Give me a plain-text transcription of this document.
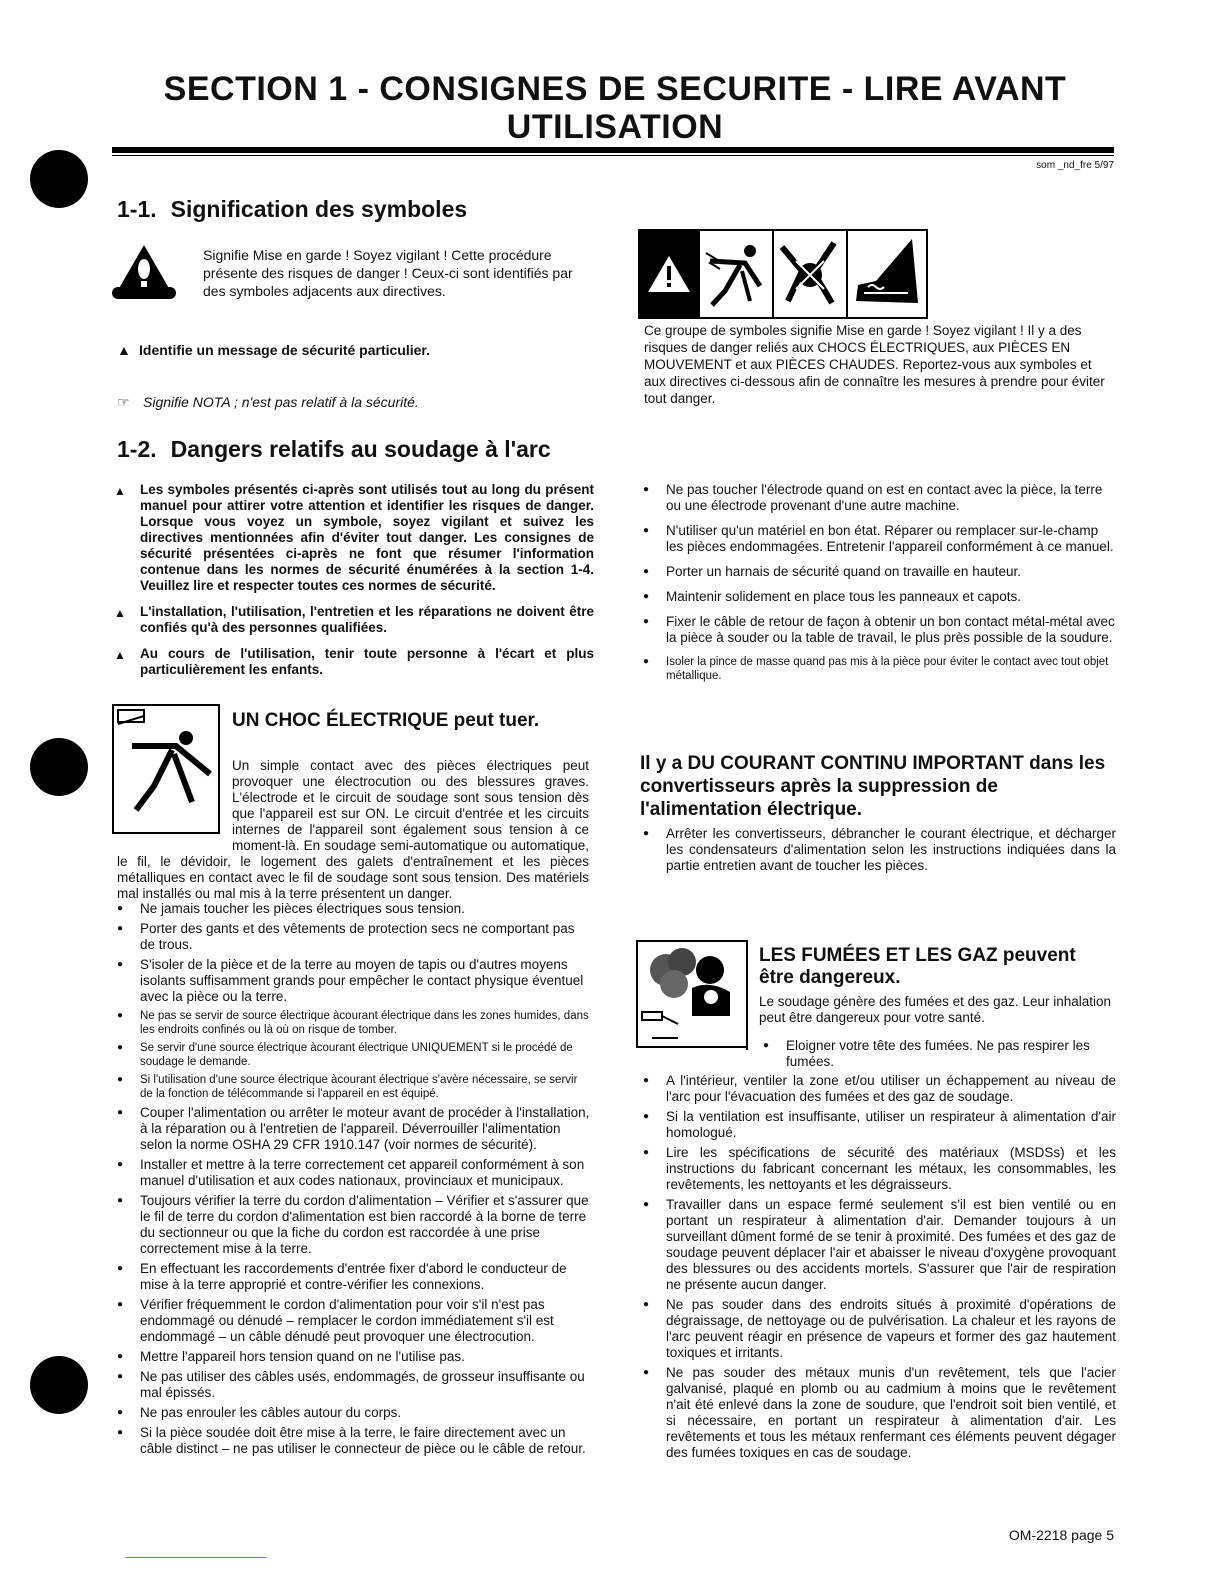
SECTION 1 - CONSIGNES DE SECURITE - LIRE AVANT
UTILISATION
som _nd_fre 5/97
1-1. Signification des symboles
Signifie Mise en garde ! Soyez vigilant ! Cette procédure présente des risques de danger ! Ceux-ci sont identifiés par des symboles adjacents aux directives.
▲ Identifie un message de sécurité particulier.
☞ Signifie NOTA ; n'est pas relatif à la sécurité.
Ce groupe de symboles signifie Mise en garde ! Soyez vigilant ! Il y a des risques de danger reliés aux CHOCS ÉLECTRIQUES, aux PIÈCES EN MOUVEMENT et aux PIÈCES CHAUDES. Reportez-vous aux symboles et aux directives ci-dessous afin de connaître les mesures à prendre pour éviter tout danger.
1-2. Dangers relatifs au soudage à l'arc
▲ Les symboles présentés ci-après sont utilisés tout au long du présent manuel pour attirer votre attention et identifier les risques de danger. Lorsque vous voyez un symbole, soyez vigilant et suivez les directives mentionnées afin d'éviter tout danger. Les consignes de sécurité présentées ci-après ne font que résumer l'information contenue dans les normes de sécurité énumérées à la section 1-4. Veuillez lire et respecter toutes ces normes de sécurité.
▲ L'installation, l'utilisation, l'entretien et les réparations ne doivent être confiés qu'à des personnes qualifiées.
▲ Au cours de l'utilisation, tenir toute personne à l'écart et plus particulièrement les enfants.
UN CHOC ÉLECTRIQUE peut tuer.
Un simple contact avec des pièces électriques peut provoquer une électrocution ou des blessures graves. L'électrode et le circuit de soudage sont sous tension dès que l'appareil est sur ON. Le circuit d'entrée et les circuits internes de l'appareil sont également sous tension à ce moment-là. En soudage semi-automatique ou automatique, le fil, le dévidoir, le logement des galets d'entraînement et les pièces métalliques en contact avec le fil de soudage sont sous tension. Des matériels mal installés ou mal mis à la terre présentent un danger.
● Ne jamais toucher les pièces électriques sous tension.
● Porter des gants et des vêtements de protection secs ne comportant pas de trous.
● S'isoler de la pièce et de la terre au moyen de tapis ou d'autres moyens isolants suffisamment grands pour empêcher le contact physique éventuel avec la pièce ou la terre.
● Ne pas se servir de source électrique àcourant électrique dans les zones humides, dans les endroits confinés ou là où on risque de tomber.
● Se servir d'une source électrique àcourant électrique UNIQUEMENT si le procédé de soudage le demande.
● Si l'utilisation d'une source électrique àcourant électrique s'avère nécessaire, se servir de la fonction de télécommande si l'appareil en est équipé.
● Couper l'alimentation ou arrêter le moteur avant de procéder à l'installation, à la réparation ou à l'entretien de l'appareil. Déverrouiller l'alimentation selon la norme OSHA 29 CFR 1910.147 (voir normes de sécurité).
● Installer et mettre à la terre correctement cet appareil conformément à son manuel d'utilisation et aux codes nationaux, provinciaux et municipaux.
● Toujours vérifier la terre du cordon d'alimentation – Vérifier et s'assurer que le fil de terre du cordon d'alimentation est bien raccordé à la borne de terre du sectionneur ou que la fiche du cordon est raccordée à une prise correctement mise à la terre.
● En effectuant les raccordements d'entrée fixer d'abord le conducteur de mise à la terre approprié et contre-vérifier les connexions.
● Vérifier fréquemment le cordon d'alimentation pour voir s'il n'est pas endommagé ou dénudé – remplacer le cordon immédiatement s'il est endommagé – un câble dénudé peut provoquer une électrocution.
● Mettre l'appareil hors tension quand on ne l'utilise pas.
● Ne pas utiliser des câbles usés, endommagés, de grosseur insuffisante ou mal épissés.
● Ne pas enrouler les câbles autour du corps.
● Si la pièce soudée doit être mise à la terre, le faire directement avec un câble distinct – ne pas utiliser le connecteur de pièce ou le câble de retour.
● Ne pas toucher l'électrode quand on est en contact avec la pièce, la terre ou une électrode provenant d'une autre machine.
● N'utiliser qu'un matériel en bon état. Réparer ou remplacer sur-le-champ les pièces endommagées. Entretenir l'appareil conformément à ce manuel.
● Porter un harnais de sécurité quand on travaille en hauteur.
● Maintenir solidement en place tous les panneaux et capots.
● Fixer le câble de retour de façon à obtenir un bon contact métal-métal avec la pièce à souder ou la table de travail, le plus près possible de la soudure.
● Isoler la pince de masse quand pas mis à la pièce pour éviter le contact avec tout objet métallique.
Il y a DU COURANT CONTINU IMPORTANT dans les convertisseurs après la suppression de l'alimentation électrique.
● Arrêter les convertisseurs, débrancher le courant électrique, et décharger les condensateurs d'alimentation selon les instructions indiquées dans la partie entretien avant de toucher les pièces.
LES FUMÉES ET LES GAZ peuvent
être dangereux.
Le soudage génère des fumées et des gaz. Leur inhalation peut être dangereux pour votre santé.
● Eloigner votre tête des fumées. Ne pas respirer les fumées.
● A l'intérieur, ventiler la zone et/ou utiliser un échappement au niveau de l'arc pour l'évacuation des fumées et des gaz de soudage.
● Si la ventilation est insuffisante, utiliser un respirateur à alimentation d'air homologué.
● Lire les spécifications de sécurité des matériaux (MSDSs) et les instructions du fabricant concernant les métaux, les consommables, les revêtements, les nettoyants et les dégraisseurs.
● Travailler dans un espace fermé seulement s'il est bien ventilé ou en portant un respirateur à alimentation d'air. Demander toujours à un surveillant dûment formé de se tenir à proximité. Des fumées et des gaz de soudage peuvent déplacer l'air et abaisser le niveau d'oxygène provoquant des blessures ou des accidents mortels. S'assurer que l'air de respiration ne présente aucun danger.
● Ne pas souder dans des endroits situés à proximité d'opérations de dégraissage, de nettoyage ou de pulvérisation. La chaleur et les rayons de l'arc peuvent réagir en présence de vapeurs et former des gaz hautement toxiques et irritants.
● Ne pas souder des métaux munis d'un revêtement, tels que l'acier galvanisé, plaqué en plomb ou au cadmium à moins que le revêtement n'ait été enlevé dans la zone de soudure, que l'endroit soit bien ventilé, et si nécessaire, en portant un respirateur à alimentation d'air. Les revêtements et tous les métaux renfermant ces éléments peuvent dégager des fumées toxiques en cas de soudage.
OM-2218 page 5
